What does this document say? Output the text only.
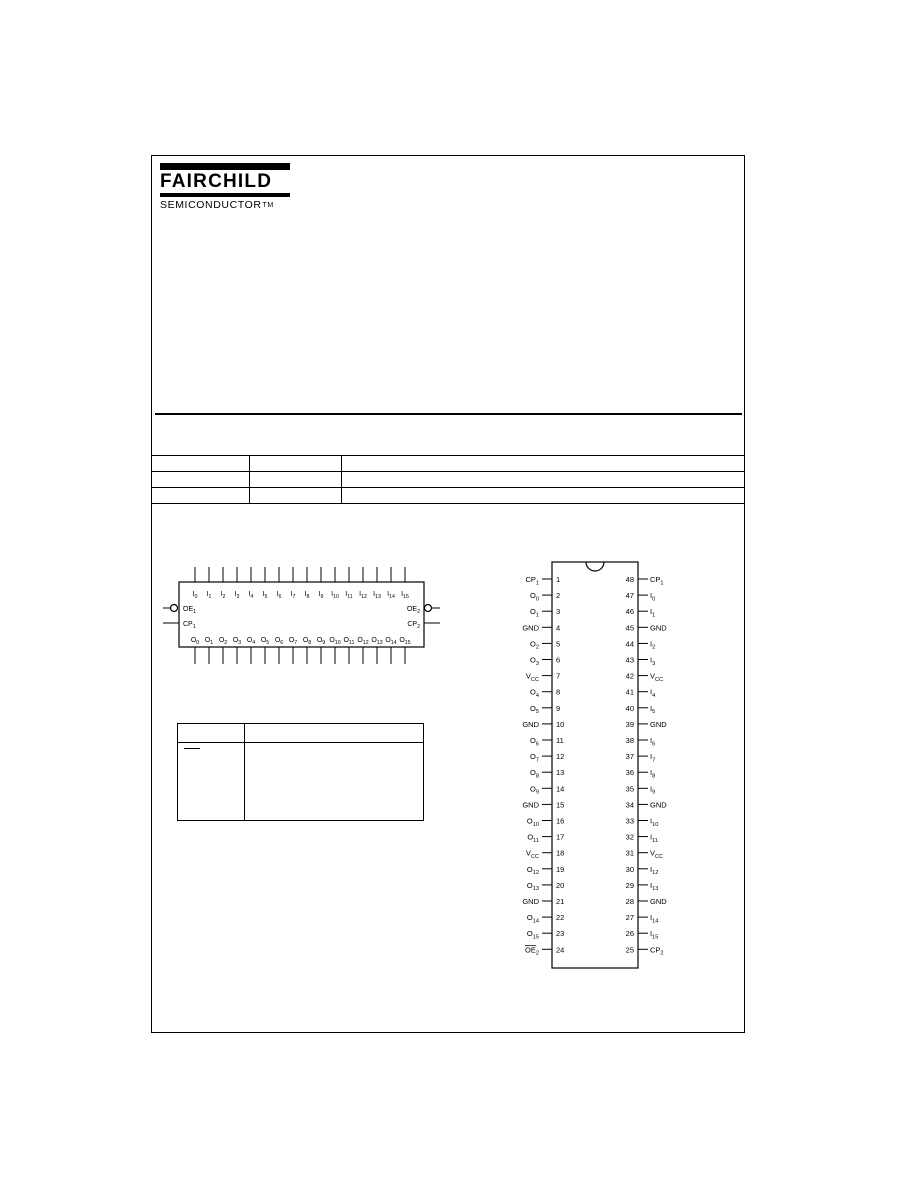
FAIRCHILD
SEMICONDUCTORTM
$I_0$ $I_1$ $I_2$ $I_3$ $I_4$ $I_5$ $I_6$ $I_7$ $I_8$ $I_9$ $I_{10}$ $I_{11}$ $I_{12}$ $I_{13}$ $I_{14}$ $I_{15}$
$O_0$ $O_1$ $O_2$ $O_3$ $O_4$ $O_5$ $O_6$ $O_7$ $O_8$ $O_9$ $O_{10}$ $O_{11}$ $O_{12}$ $O_{13}$ $O_{14}$ $O_{15}$
$OE_1$
$CP_1$
$OE_2$
$CP_2$
1
$CP_1$
2
$O_0$
3
$O_1$
4
GND
5
$O_2$
6
$O_3$
7
$V_{CC}$
8
$O_4$
9
$O_5$
10
GND
11
$O_6$
12
$O_7$
13
$O_8$
14
$O_9$
15
GND
16
$O_{10}$
17
$O_{11}$
18
$V_{CC}$
19
$O_{12}$
20
$O_{13}$
21
GND
22
$O_{14}$
23
$O_{15}$
24
$OE_2$
48 $CP_1$
47 $I_0$
46 $I_1$
45 GND
44 $I_2$
43 $I_3$
42 $V_{CC}$
41 $I_4$
40 $I_5$
39 GND
38 $I_6$
37 $I_7$
36 $I_8$
35 $I_9$
34 GND
33 $I_{10}$
32 $I_{11}$
31 $V_{CC}$
30 $I_{12}$
29 $I_{13}$
28 GND
27 $I_{14}$
26 $I_{15}$
25 $CP_2$
